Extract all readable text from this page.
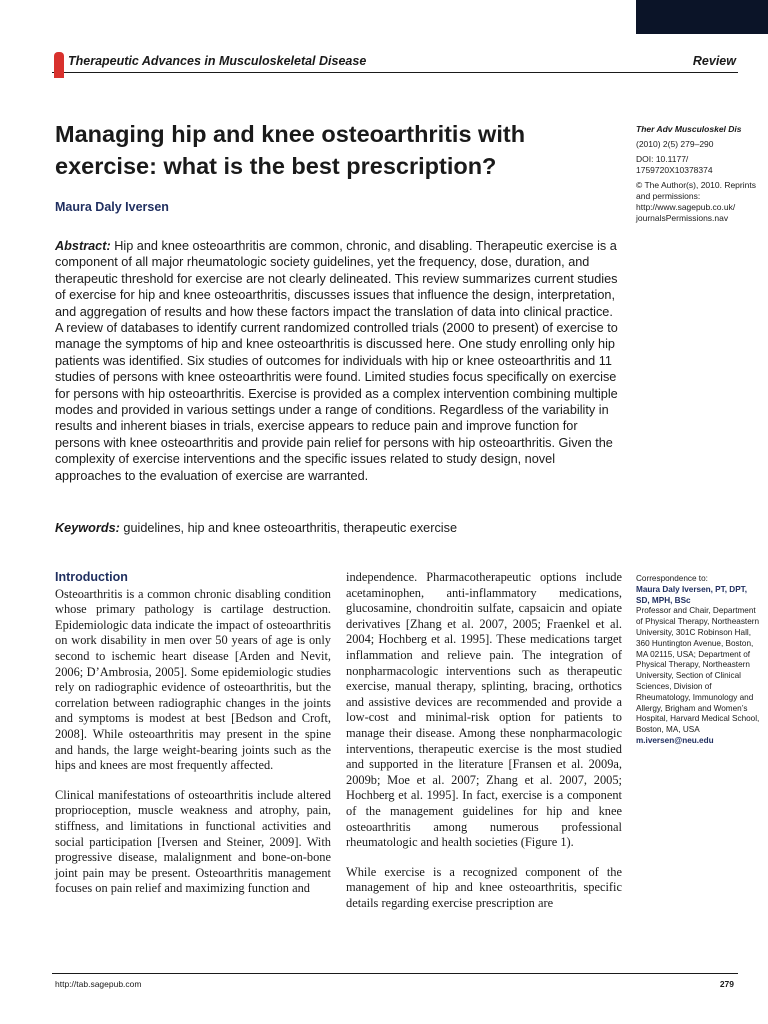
Therapeutic Advances in Musculoskeletal Disease	Review
Managing hip and knee osteoarthritis with exercise: what is the best prescription?
Maura Daly Iversen
Ther Adv Musculoskel Dis
(2010) 2(5) 279–290
DOI: 10.1177/ 1759720X10378374
© The Author(s), 2010. Reprints and permissions: http://www.sagepub.co.uk/ journalsPermissions.nav

Abstract: Hip and knee osteoarthritis are common, chronic, and disabling. Therapeutic exercise is a component of all major rheumatologic society guidelines, yet the frequency, dose, duration, and therapeutic threshold for exercise are not clearly delineated. This review summarizes current studies of exercise for hip and knee osteoarthritis, discusses issues that influence the design, interpretation, and aggregation of results and how these factors impact the translation of data into clinical practice. A review of databases to identify current randomized controlled trials (2000 to present) of exercise to manage the symptoms of hip and knee osteoarthritis is discussed here. One study enrolling only hip patients was identified. Six studies of outcomes for individuals with hip or knee osteoarthritis and 11 studies of persons with knee osteoarthritis were found. Limited studies focus specifically on exercise for persons with hip osteoarthritis. Exercise is provided as a complex intervention combining multiple modes and provided in various settings under a range of conditions. Regardless of the variability in results and inherent biases in trials, exercise appears to reduce pain and improve function for persons with knee osteoarthritis and provide pain relief for persons with hip osteoarthritis. Given the complexity of exercise interventions and the specific issues related to study design, novel approaches to the evaluation of exercise are warranted.

Keywords: guidelines, hip and knee osteoarthritis, therapeutic exercise

Introduction

Osteoarthritis is a common chronic disabling condition whose primary pathology is cartilage destruction. Epidemiologic data indicate the impact of osteoarthritis on work disability in men over 50 years of age is only second to ischemic heart disease [Arden and Nevit, 2006; D’Ambrosia, 2005]. Some epidemiologic studies rely on radiographic evidence of osteoarthritis, but the correlation between radiographic changes in the joints and symptoms is modest at best [Bedson and Croft, 2008]. While osteoarthritis may present in the spine and hands, the large weight-bearing joints such as the hips and knees are most frequently affected.

Clinical manifestations of osteoarthritis include altered proprioception, muscle weakness and atrophy, pain, stiffness, and limitations in functional activities and social participation [Iversen and Steiner, 2009]. With progressive disease, malalignment and bone-on-bone joint pain may be present. Osteoarthritis management focuses on pain relief and maximizing function and

independence. Pharmacotherapeutic options include acetaminophen, anti-inflammatory medications, glucosamine, chondroitin sulfate, capsaicin and opiate derivatives [Zhang et al. 2007, 2005; Fraenkel et al. 2004; Hochberg et al. 1995]. These medications target inflammation and relieve pain. The integration of nonpharmacologic interventions such as therapeutic exercise, manual therapy, splinting, bracing, orthotics and assistive devices are recommended and provide a low-cost and minimal-risk option for patients to manage their disease. Among these nonpharmacologic interventions, therapeutic exercise is the most studied and supported in the literature [Fransen et al. 2009a, 2009b; Moe et al. 2007; Zhang et al. 2007, 2005; Hochberg et al. 1995]. In fact, exercise is a component of the management guidelines for hip and knee osteoarthritis among numerous professional rheumatologic and health societies (Figure 1).

While exercise is a recognized component of the management of hip and knee osteoarthritis, specific details regarding exercise prescription are

Correspondence to:
Maura Daly Iversen, PT, DPT, SD, MPH, BSc
Professor and Chair, Department of Physical Therapy, Northeastern University, 301C Robinson Hall, 360 Huntington Avenue, Boston, MA 02115, USA; Department of Physical Therapy, Northeastern University, Section of Clinical Sciences, Division of Rheumatology, Immunology and Allergy, Brigham and Women’s Hospital, Harvard Medical School, Boston, MA, USA
m.iversen@neu.edu
http://tab.sagepub.com	279
